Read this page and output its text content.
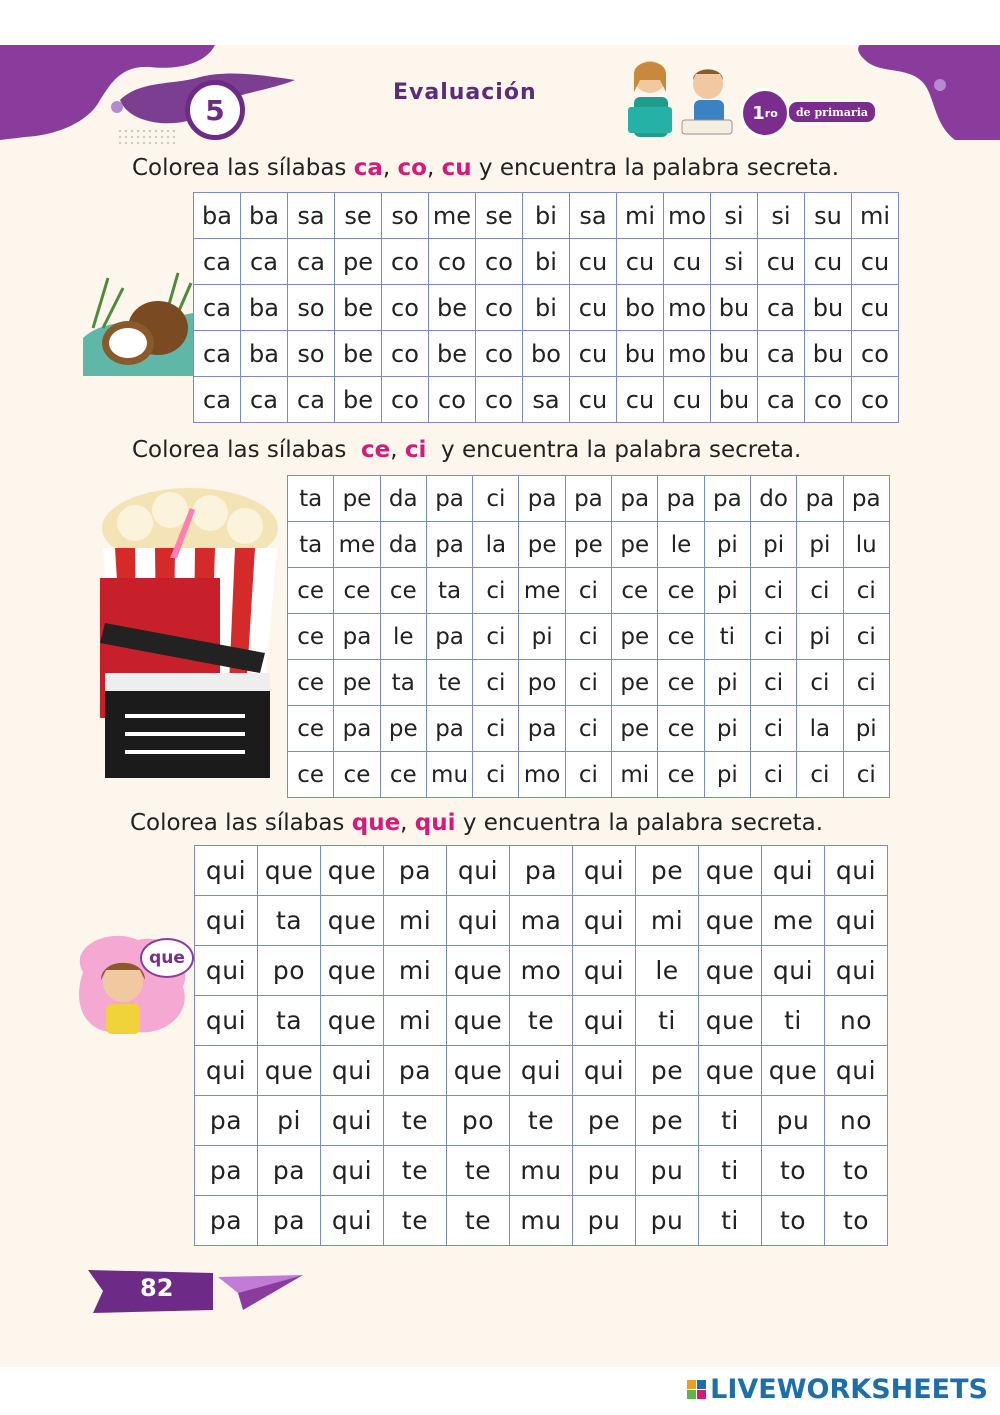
5
Evaluación
1 ro	de primaria
Colorea las sílabas ca, co, cu y encuentra la palabra secreta.
ba	ba	sa	se	so	me	se	bi	sa	mi	mo	si	si	su	mi
ca	ca	ca	pe	co	co	co	bi	cu	cu	cu	si	cu	cu	cu
ca	ba	so	be	co	be	co	bi	cu	bo	mo	bu	ca	bu	cu
ca	ba	so	be	co	be	co	bo	cu	bu	mo	bu	ca	bu	co
ca	ca	ca	be	co	co	co	sa	cu	cu	cu	bu	ca	co	co
Colorea las sílabas  ce, ci  y encuentra la palabra secreta.
ta	pe	da	pa	ci	pa	pa	pa	pa	pa	do	pa	pa
ta	me	da	pa	la	pe	pe	pe	le	pi	pi	pi	lu
ce	ce	ce	ta	ci	me	ci	ce	ce	pi	ci	ci	ci
ce	pa	le	pa	ci	pi	ci	pe	ce	ti	ci	pi	ci
ce	pe	ta	te	ci	po	ci	pe	ce	pi	ci	ci	ci
ce	pa	pe	pa	ci	pa	ci	pe	ce	pi	ci	la	pi
ce	ce	ce	mu	ci	mo	ci	mi	ce	pi	ci	ci	ci
Colorea las sílabas que, qui y encuentra la palabra secreta.
que
qui	que	que	pa	qui	pa	qui	pe	que	qui	qui
qui	ta	que	mi	qui	ma	qui	mi	que	me	qui
qui	po	que	mi	que	mo	qui	le	que	qui	qui
qui	ta	que	mi	que	te	qui	ti	que	ti	no
qui	que	qui	pa	que	qui	qui	pe	que	que	qui
pa	pi	qui	te	po	te	pe	pe	ti	pu	no
pa	pa	qui	te	te	mu	pu	pu	ti	to	to
pa	pa	qui	te	te	mu	pu	pu	ti	to	to
82
LIVEWORKSHEETS
